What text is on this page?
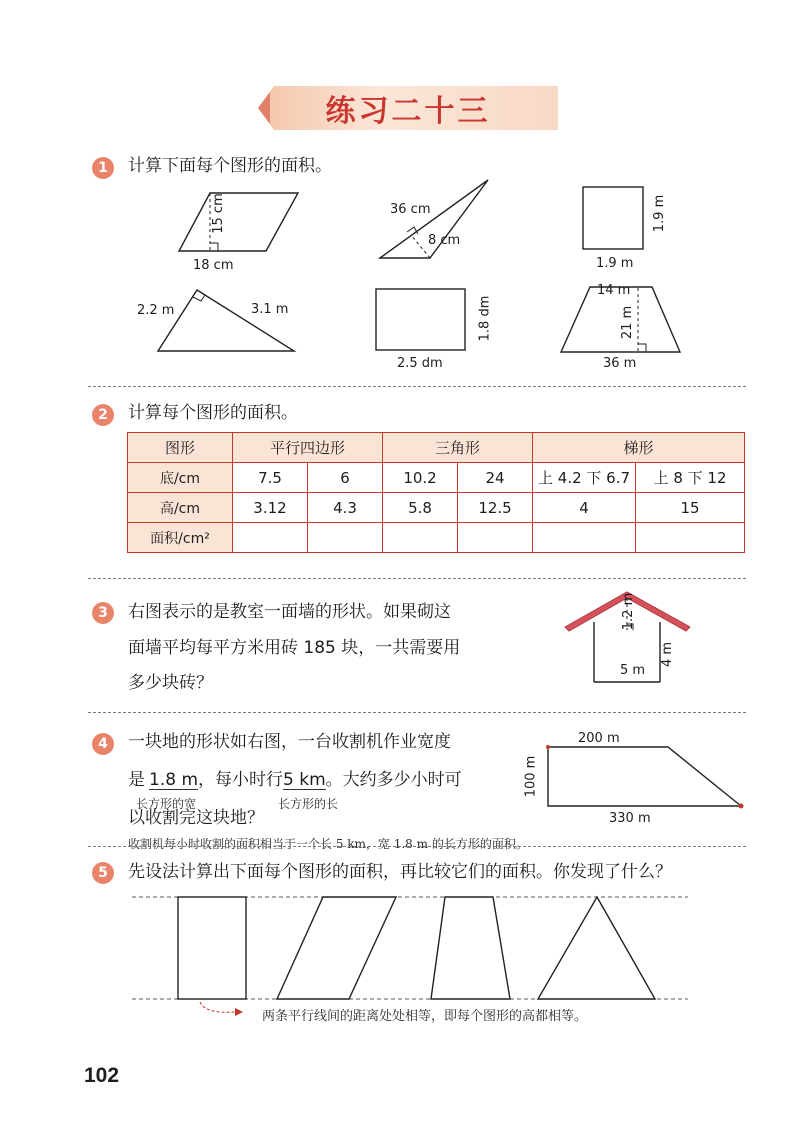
练习二十三
1	计算下面每个图形的面积。
15 cm
18 cm
36 cm
8 cm
1.9 m
1.9 m
2.2 m	3.1 m	1.8 dm
2.5 dm
14 m
21 m
36 m
2	计算每个图形的面积。
图形	平行四边形		三角形		梯形	
底/cm	7.5	6	10.2	24	上 4.2 下 6.7	上 8 下 12
高/cm	3.12	4.3	5.8	12.5	4	15
面积/cm²						
3	右图表示的是教室一面墙的形状。如果砌这
面墙平均每平方米用砖 185 块，一共需要用
多少块砖？
1.2 m
5 m
4 m
4	一块地的形状如右图，一台收割机作业宽度
是 1.8 m ，每小时行 5 km 。大约多少小时可
长方形的宽	长方形的长
以收割完这块地？
收割机每小时收割的面积相当于一个长 5 km，宽 1.8 m 的长方形的面积。
200 m
100 m
330 m
5	先设法计算出下面每个图形的面积，再比较它们的面积。你发现了什么？
两条平行线间的距离处处相等，即每个图形的高都相等。
102
